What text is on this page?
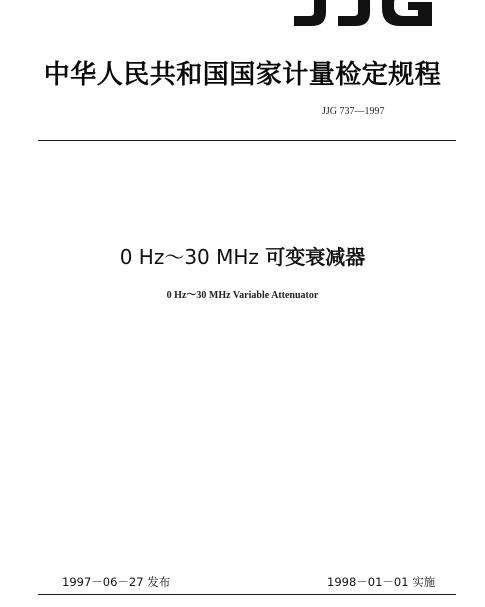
中华人民共和国国家计量检定规程
JJG 737—1997
0 Hz～30 MHz 可变衰减器
0 Hz～30 MHz Variable Attenuator
1997－06－27 发布	1998－01－01 实施
